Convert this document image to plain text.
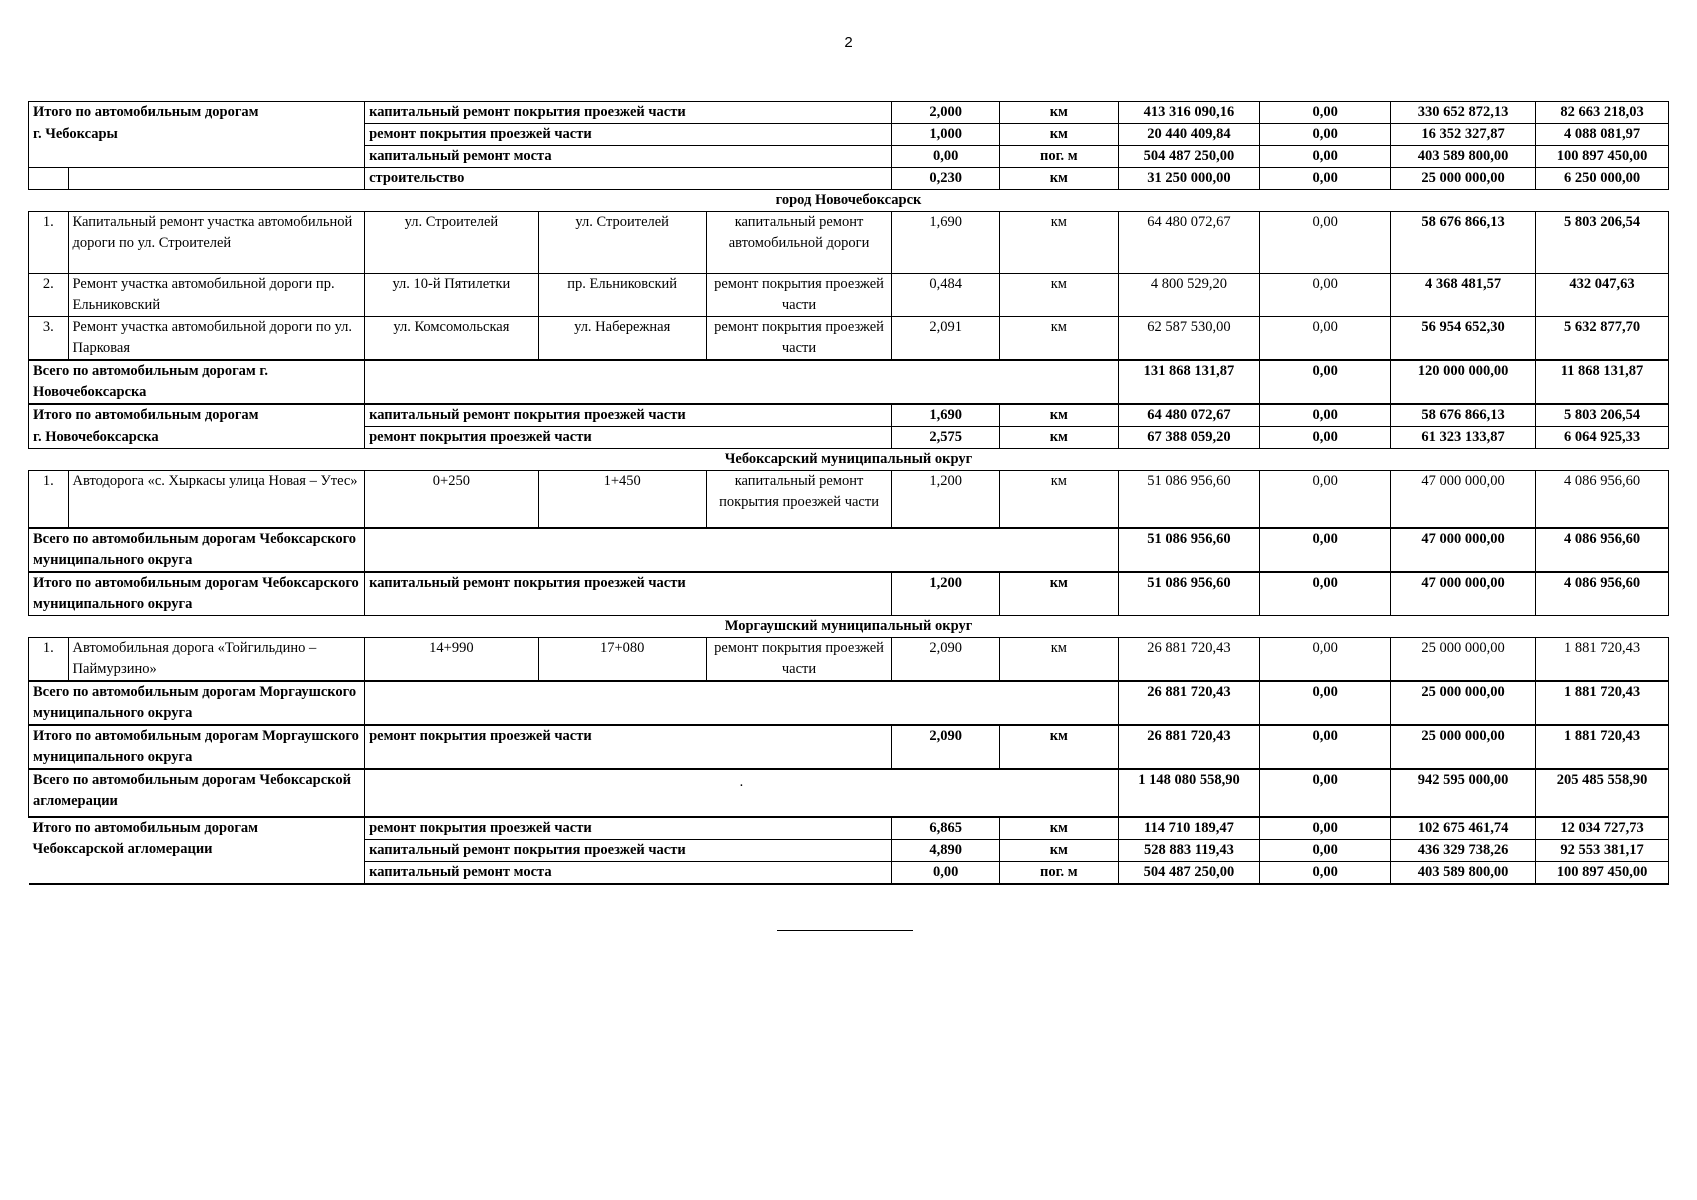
2
Итого по автомобильным дорогам		капитальный ремонт покрытия проезжей части			2,000	км	413 316 090,16	0,00	330 652 872,13	82 663 218,03
г. Чебоксары		ремонт покрытия проезжей части			1,000	км	20 440 409,84	0,00	16 352 327,87	4 088 081,97
		капитальный ремонт моста			0,00	пог. м	504 487 250,00	0,00	403 589 800,00	100 897 450,00
		строительство			0,230	км	31 250 000,00	0,00	25 000 000,00	6 250 000,00
город Новочебоксарск										
1.	Капитальный ремонт участка автомобильной дороги по ул. Строителей	ул. Строителей	ул. Строителей	капитальный ремонт автомобильной дороги	1,690	км	64 480 072,67	0,00	58 676 866,13	5 803 206,54
2.	Ремонт участка автомобильной дороги пр. Ельниковский	ул. 10-й Пятилетки	пр. Ельниковский	ремонт покрытия проезжей части	0,484	км	4 800 529,20	0,00	4 368 481,57	432 047,63
3.	Ремонт участка автомобильной дороги по ул. Парковая	ул. Комсомольская	ул. Набережная	ремонт покрытия проезжей части	2,091	км	62 587 530,00	0,00	56 954 652,30	5 632 877,70
Всего по автомобильным дорогам г. Новочебоксарска							131 868 131,87	0,00	120 000 000,00	11 868 131,87
Итого по автомобильным дорогам		капитальный ремонт покрытия проезжей части			1,690	км	64 480 072,67	0,00	58 676 866,13	5 803 206,54
г. Новочебоксарска		ремонт покрытия проезжей части			2,575	км	67 388 059,20	0,00	61 323 133,87	6 064 925,33
Чебоксарский муниципальный округ										
1.	Автодорога «с. Хыркасы улица Новая – Утес»	0+250	1+450	капитальный ремонт покрытия проезжей части	1,200	км	51 086 956,60	0,00	47 000 000,00	4 086 956,60
Всего по автомобильным дорогам Чебоксарского муниципального округа							51 086 956,60	0,00	47 000 000,00	4 086 956,60
Итого по автомобильным дорогам Чебоксарского муниципального округа		капитальный ремонт покрытия проезжей части			1,200	км	51 086 956,60	0,00	47 000 000,00	4 086 956,60
Моргаушский муниципальный округ										
1.	Автомобильная дорога «Тойгильдино – Паймурзино»	14+990	17+080	ремонт покрытия проезжей части	2,090	км	26 881 720,43	0,00	25 000 000,00	1 881 720,43
Всего по автомобильным дорогам Моргаушского муниципального округа							26 881 720,43	0,00	25 000 000,00	1 881 720,43
Итого по автомобильным дорогам Моргаушского муниципального округа		ремонт покрытия проезжей части			2,090	км	26 881 720,43	0,00	25 000 000,00	1 881 720,43
Всего по автомобильным дорогам Чебоксарской агломерации		·					1 148 080 558,90	0,00	942 595 000,00	205 485 558,90
Итого по автомобильным дорогам		ремонт покрытия проезжей части			6,865	км	114 710 189,47	0,00	102 675 461,74	12 034 727,73
Чебоксарской агломерации		капитальный ремонт покрытия проезжей части			4,890	км	528 883 119,43	0,00	436 329 738,26	92 553 381,17
		капитальный ремонт моста			0,00	пог. м	504 487 250,00	0,00	403 589 800,00	100 897 450,00
